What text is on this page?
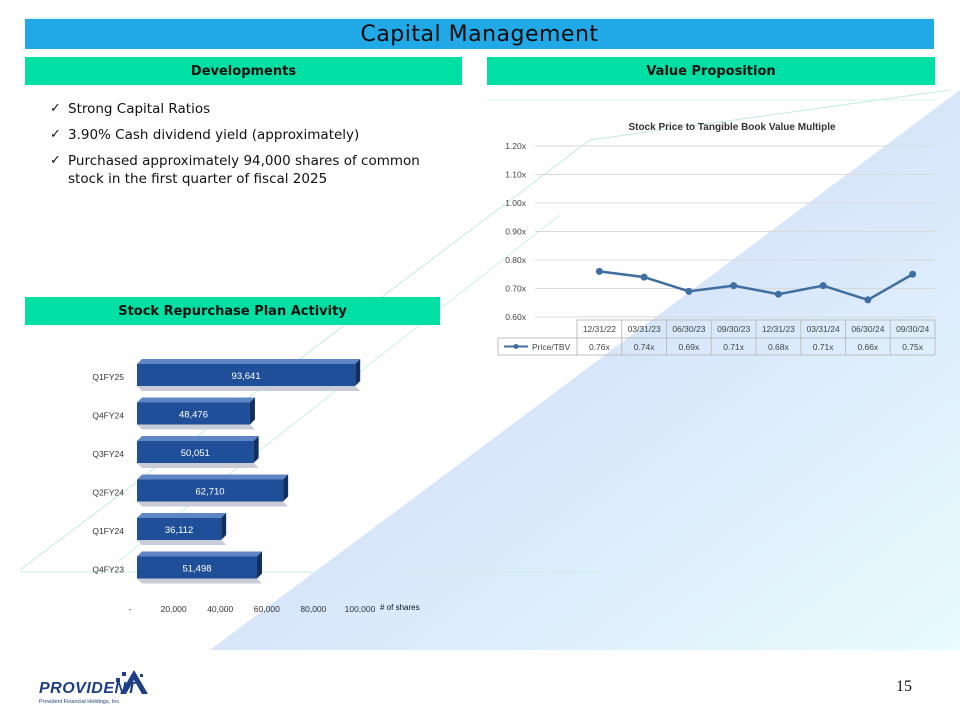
Capital Management
Developments	Value Proposition
Stock Repurchase Plan Activity
✓ Strong Capital Ratios
✓ 3.90% Cash dividend yield (approximately)
✓ Purchased approximately 94,000 shares of common stock in the first quarter of fiscal 2025
Stock Price to Tangible Book Value Multiple
0.60x
0.70x
0.80x
0.90x
1.00x
1.10x
1.20x
12/31/22 03/31/23 06/30/23 09/30/23 12/31/23 03/31/24 06/30/24 09/30/24
Price/TBV 0.76x	0.74x	0.69x	0.71x	0.68x	0.71x	0.66x	0.75x
93,641
Q1FY25
48,476
Q4FY24
50,051
Q3FY24
62,710
Q2FY24
36,112
Q1FY24
51,498
Q4FY23
-	20,000 40,000 60,000 80,000 100,000 # of shares
PROVIDENT
Provident Financial Holdings, Inc.
15
